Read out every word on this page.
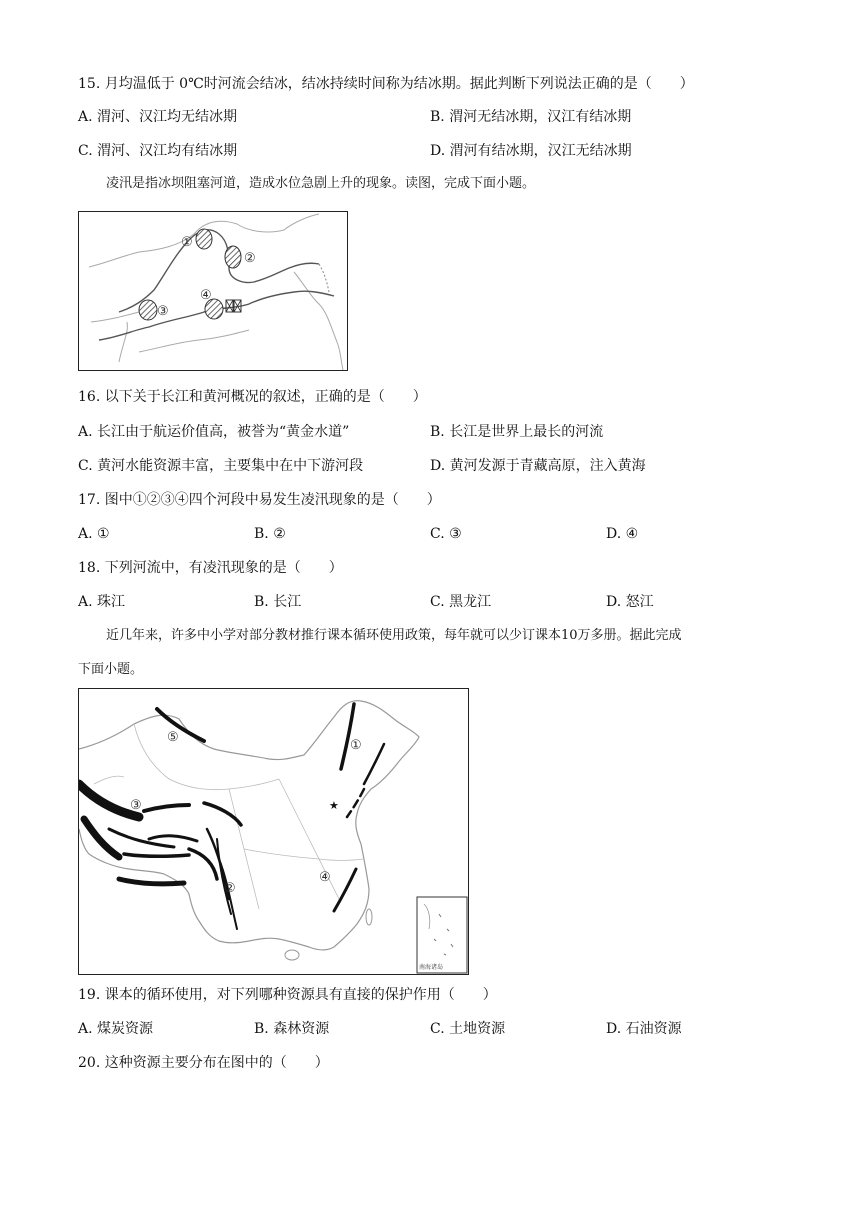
15. 月均温低于 0℃时河流会结冰，结冰持续时间称为结冰期。据此判断下列说法正确的是（　　）
A. 渭河、汉江均无结冰期	B. 渭河无结冰期，汉江有结冰期
C. 渭河、汉江均有结冰期	D. 渭河有结冰期，汉江无结冰期
凌汛是指冰坝阻塞河道，造成水位急剧上升的现象。读图，完成下面小题。
①
②
③
④
16. 以下关于长江和黄河概况的叙述，正确的是（　　）
A. 长江由于航运价值高，被誉为“黄金水道”	B. 长江是世界上最长的河流
C. 黄河水能资源丰富，主要集中在中下游河段	D. 黄河发源于青藏高原，注入黄海
17. 图中①②③④四个河段中易发生凌汛现象的是（　　）
A. ①	B. ②	C. ③	D. ④
18. 下列河流中，有凌汛现象的是（　　）
A. 珠江	B. 长江	C. 黑龙江	D. 怒江
近几年来，许多中小学对部分教材推行课本循环使用政策，每年就可以少订课本10万多册。据此完成
下面小题。
★
南海诸岛
⑤
①
③
②
④
19. 课本的循环使用，对下列哪种资源具有直接的保护作用（　　）
A. 煤炭资源	B. 森林资源	C. 土地资源	D. 石油资源
20. 这种资源主要分布在图中的（　　）
